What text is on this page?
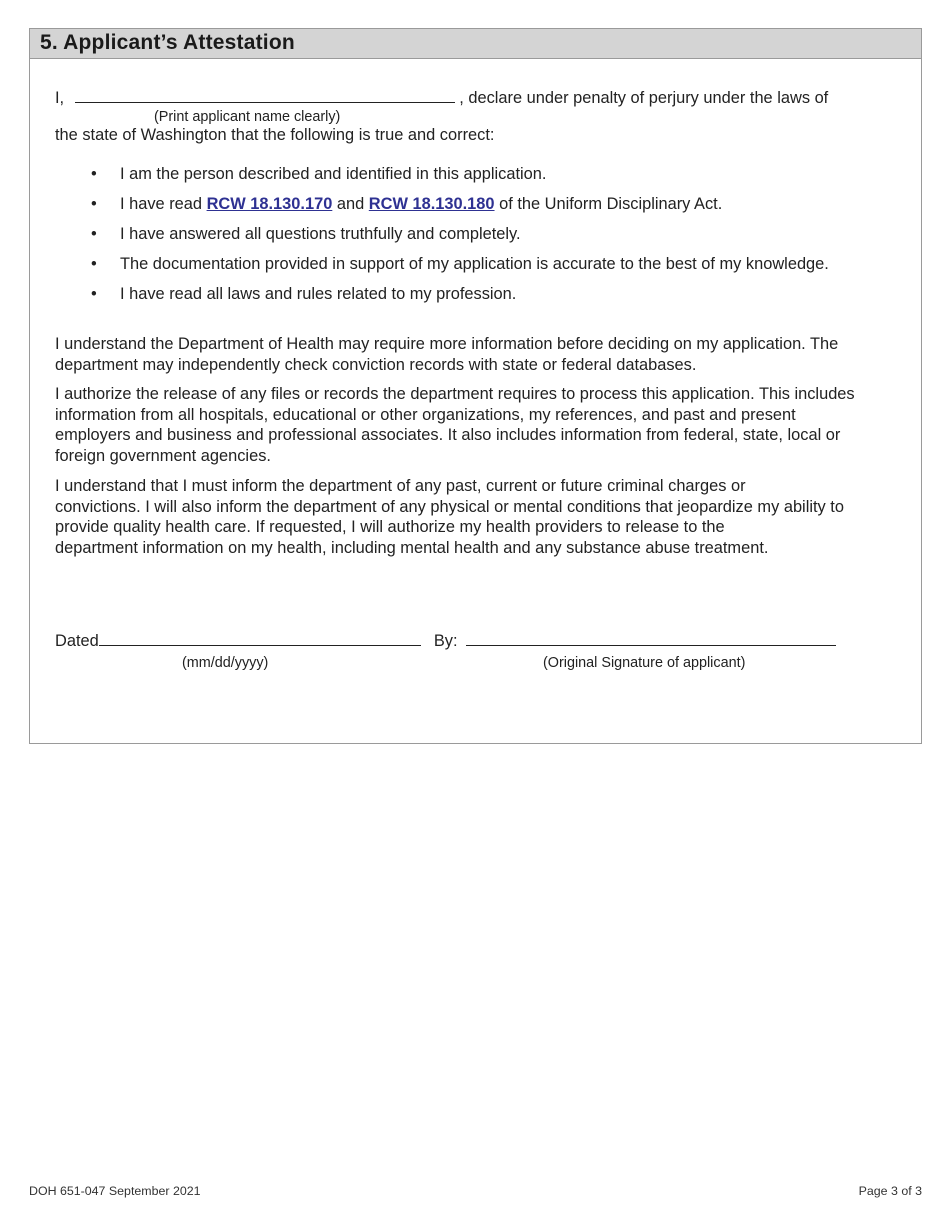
5. Applicant’s Attestation
I,	, declare under penalty of perjury under the laws of
(Print applicant name clearly)
the state of Washington that the following is true and correct:
• I am the person described and identified in this application.
• I have read RCW 18.130.170 and RCW 18.130.180 of the Uniform Disciplinary Act.
• I have answered all questions truthfully and completely.
• The documentation provided in support of my application is accurate to the best of my knowledge.
• I have read all laws and rules related to my profession.
I understand the Department of Health may require more information before deciding on my application. The
department may independently check conviction records with state or federal databases.
I authorize the release of any files or records the department requires to process this application. This includes
information from all hospitals, educational or other organizations, my references, and past and present
employers and business and professional associates. It also includes information from federal, state, local or
foreign government agencies.
I understand that I must inform the department of any past, current or future criminal charges or
convictions. I will also inform the department of any physical or mental conditions that jeopardize my ability to
provide quality health care. If requested, I will authorize my health providers to release to the
department information on my health, including mental health and any substance abuse treatment.
Dated	By:
(mm/dd/yyyy)	(Original Signature of applicant)
DOH 651-047 September 2021	Page 3 of 3
